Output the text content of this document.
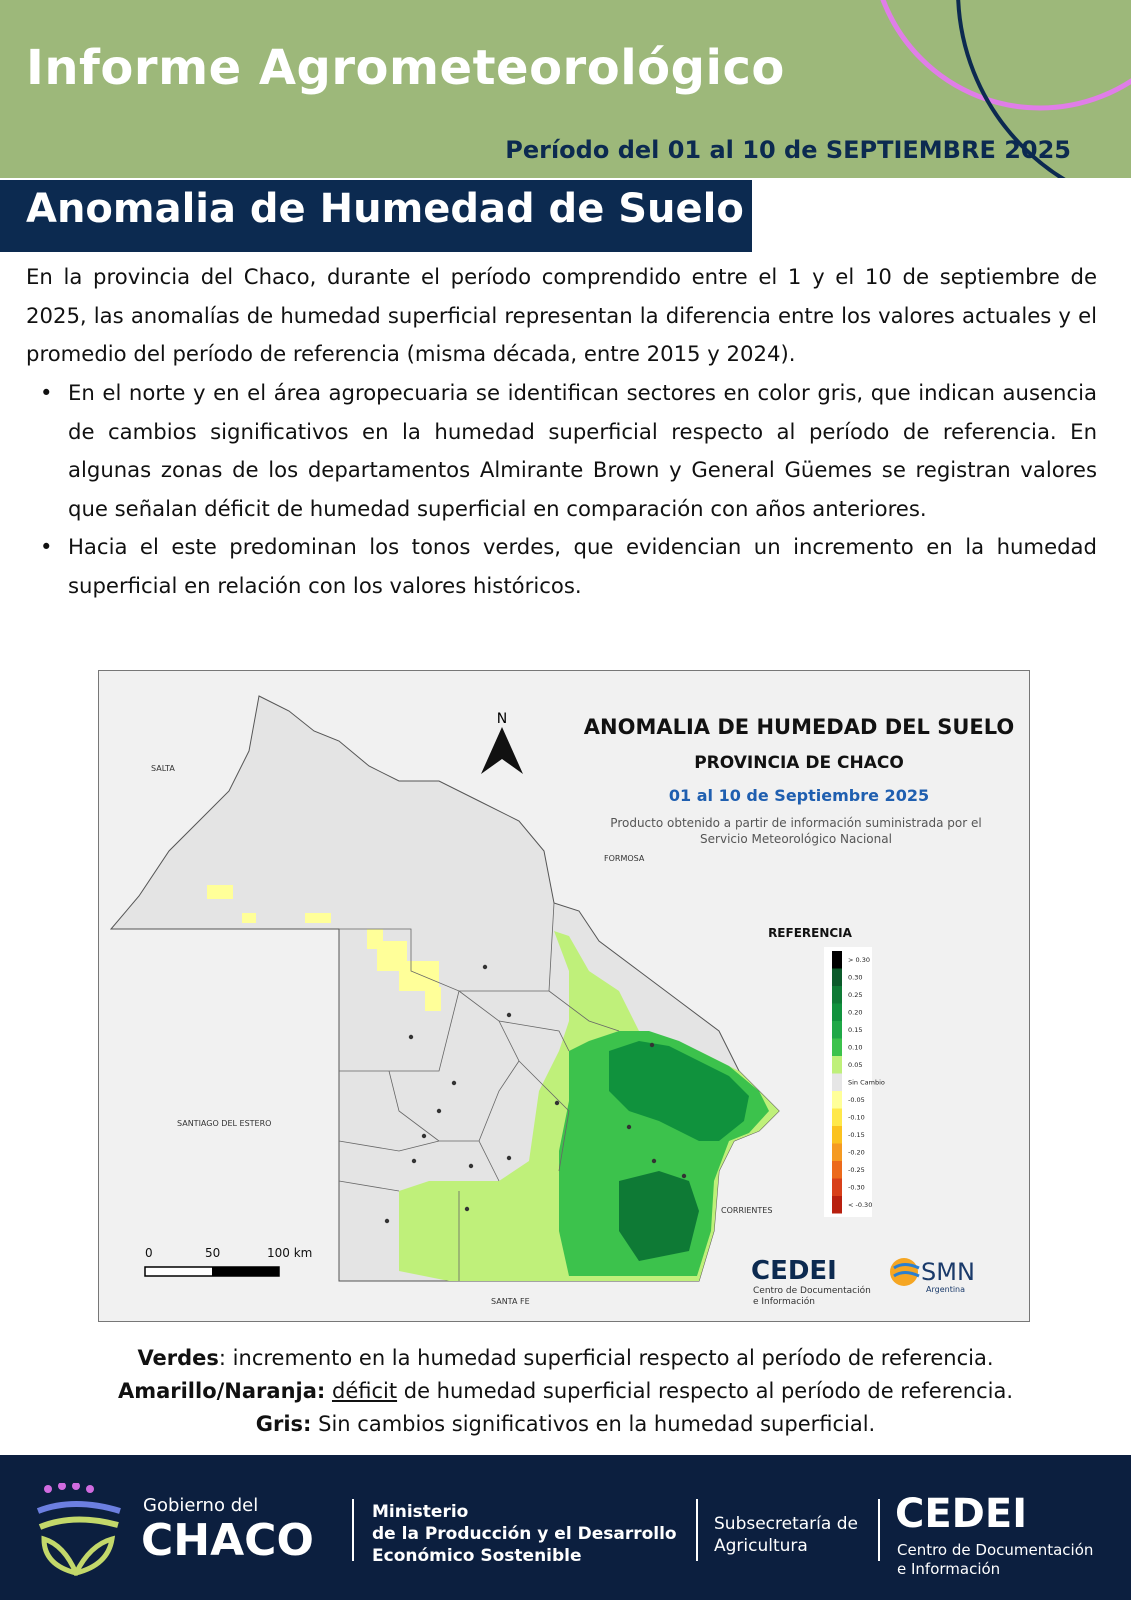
Informe Agrometeorológico
Período del 01 al 10 de SEPTIEMBRE 2025
Anomalia de Humedad de Suelo
En la provincia del Chaco, durante el período comprendido entre el 1 y el 10 de septiembre de 2025, las anomalías de humedad superficial representan la diferencia entre los valores actuales y el promedio del período de referencia (misma década, entre 2015 y 2024).
• En el norte y en el área agropecuaria se identifican sectores en color gris, que indican ausencia de cambios significativos en la humedad superficial respecto al período de referencia. En algunas zonas de los departamentos Almirante Brown y General Güemes se registran valores que señalan déficit de humedad superficial en comparación con años anteriores.
• Hacia el este predominan los tonos verdes, que evidencian un incremento en la humedad superficial en relación con los valores históricos.
SALTA
FORMOSA
SANTIAGO DEL ESTERO
CORRIENTES
SANTA FE
N	ANOMALIA DE HUMEDAD DEL SUELO
PROVINCIA DE CHACO
01 al 10 de Septiembre 2025
Producto obtenido a partir de información suministrada por el
Servicio Meteorológico Nacional
REFERENCIA
> 0.30
0.30
0.25
0.20
0.15
0.10
0.05
Sin Cambio
-0.05
-0.10
-0.15
-0.20
-0.25
-0.30
< -0.30
0	50	100 km
CEDEI
Centro de Documentación
e Información
SMN
Argentina
Verdes: incremento en la humedad superficial respecto al período de referencia.
Amarillo/Naranja: déficit de humedad superficial respecto al período de referencia.
Gris: Sin cambios significativos en la humedad superficial.
Gobierno del
CHACO
Ministerio
de la Producción y el Desarrollo
Económico Sostenible
Subsecretaría de
Agricultura
CEDEI
Centro de Documentación
e Información
